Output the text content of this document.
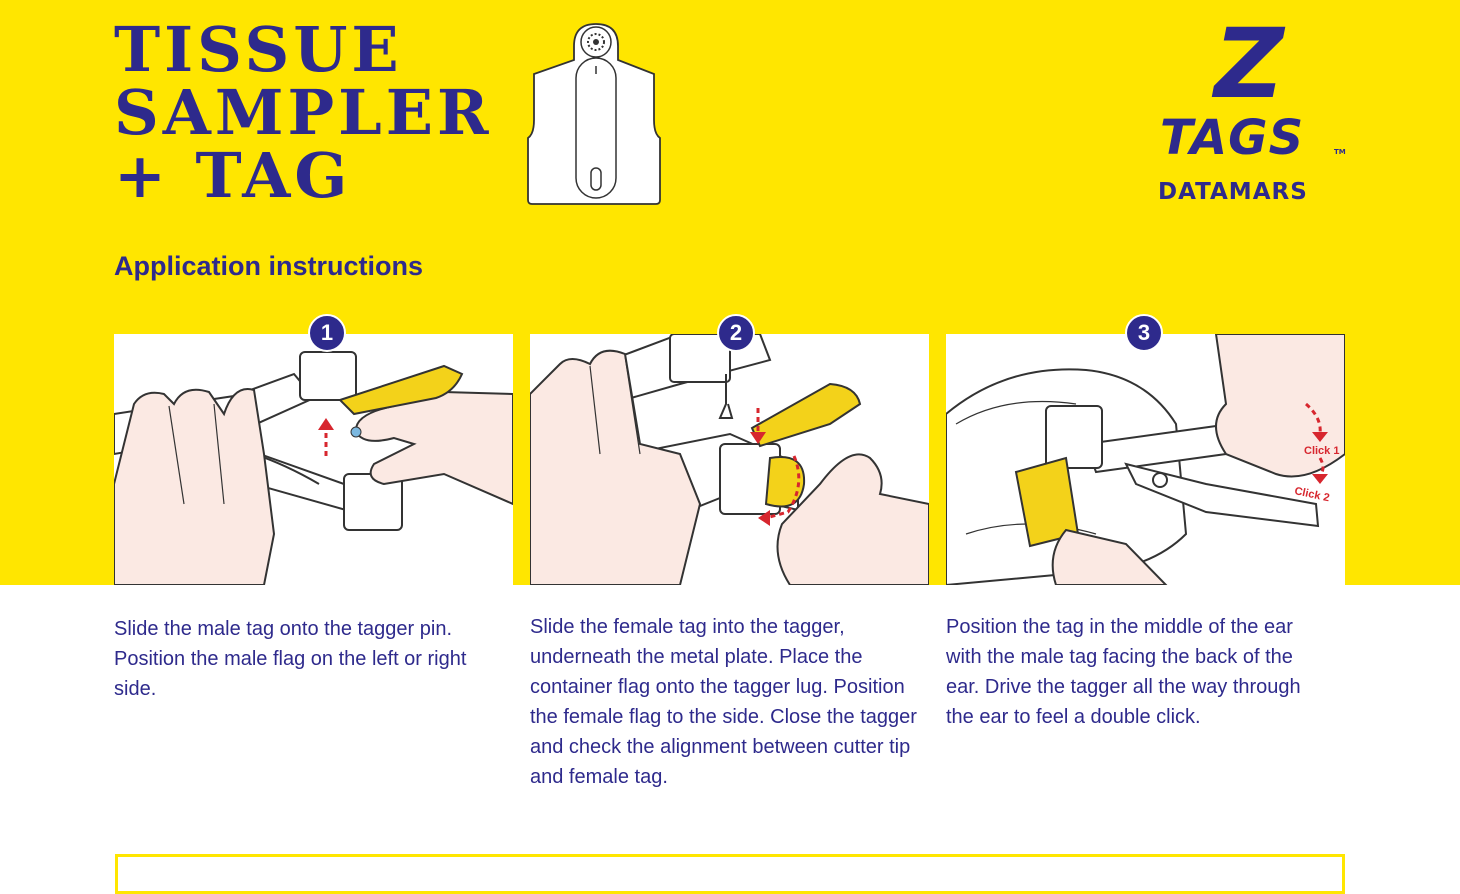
TISSUE
SAMPLER
+ TAG
Z
TAGS	TM
DATAMARS
Application instructions
1	2
Click 1
Click 2
3

Slide the male tag onto the tagger pin. Position the male flag on the left or right side.

Slide the female tag into the tagger, underneath the metal plate. Place the container flag onto the tagger lug. Position the female flag to the side. Close the tagger and check the alignment between cutter tip and female tag.

Position the tag in the middle of the ear with the male tag facing the back of the ear. Drive the tagger all the way through the ear to feel a double click.
